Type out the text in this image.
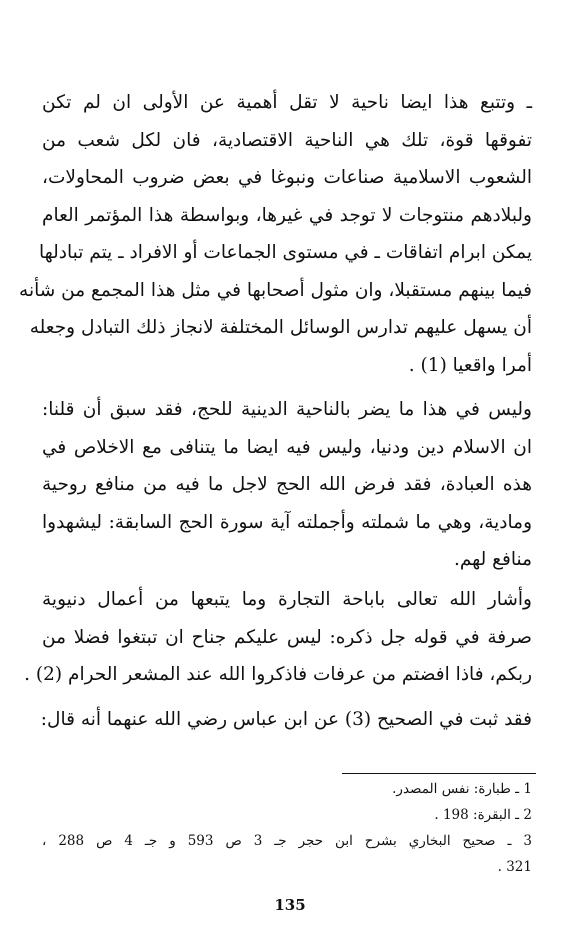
ـ وتتبع هذا ايضا ناحية لا تقل أهمية عن الأولى ان لم تكن
تفوقها قوة، تلك هي الناحية الاقتصادية، فان لكل شعب من
الشعوب الاسلامية صناعات ونبوغا في بعض ضروب المحاولات،
ولبلادهم منتوجات لا توجد في غيرها، وبواسطة هذا المؤتمر العام
يمكن ابرام اتفاقات ـ في مستوى الجماعات أو الافراد ـ يتم تبادلها
فيما بينهم مستقبلا، وان مثول أصحابها في مثل هذا المجمع من شأنه
أن يسهل عليهم تدارس الوسائل المختلفة لانجاز ذلك التبادل وجعله
أمرا واقعيا (1) .
وليس في هذا ما يضر بالناحية الدينية للحج، فقد سبق أن قلنا:
ان الاسلام دين ودنيا، وليس فيه ايضا ما يتنافى مع الاخلاص في
هذه العبادة، فقد فرض الله الحج لاجل ما فيه من منافع روحية
ومادية، وهي ما شملته وأجملته آية سورة الحج السابقة: ليشهدوا
منافع لهم.
وأشار الله تعالى باباحة التجارة وما يتبعها من أعمال دنيوية
صرفة في قوله جل ذكره: ليس عليكم جناح ان تبتغوا فضلا من
ربكم، فاذا افضتم من عرفات فاذكروا الله عند المشعر الحرام (2) .
فقد ثبت في الصحيح (3) عن ابن عباس رضي الله عنهما أنه قال:
1 ـ طبارة: نفس المصدر.
2 ـ البقرة: 198 .
3 ـ صحيح البخاري بشرح ابن حجر جـ 3 ص 593 و جـ 4 ص 288 ،
321 .
135
